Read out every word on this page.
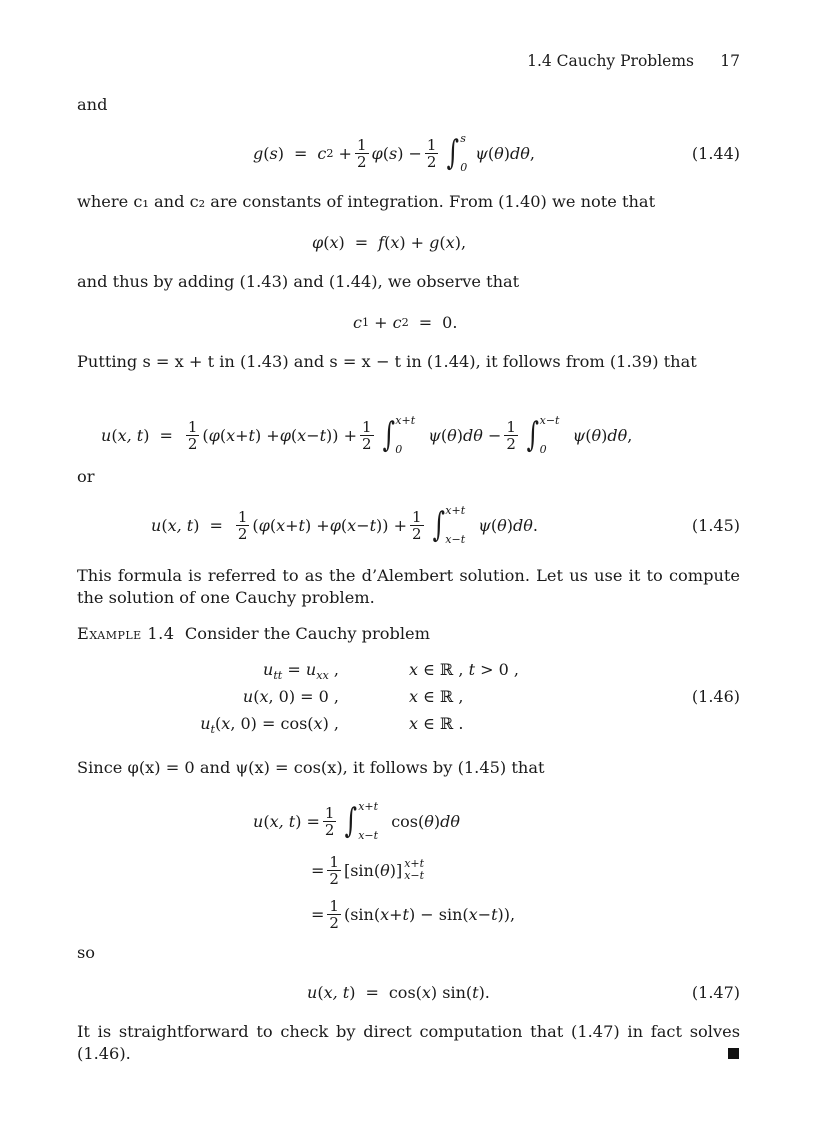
1.4 Cauchy Problems 17
and
g ( s ) = c $2 + \frac{1}{2}$ φ ( s ) − $\frac{1}{2}$ ∫ s
0

ψ ( θ ) dθ ,	(1.44)
where c₁ and c₂ are constants of integration. From (1.40) we note that
φ ( x ) = f ( x ) + g ( x ),
and thus by adding (1.43) and (1.44), we observe that
c 1 + c 2 = 0.
Putting s = x + t in (1.43) and s = x − t in (1.44), it follows from (1.39) that
u ( x, t ) = $\frac{1}{2}$ ( φ ( x + t ) + φ ( x − t )) + $\frac{1}{2}$ ∫ x+t
0

ψ ( θ ) $d\theta - \frac{1}{2}$ ∫ x−t
0

ψ ( θ ) dθ ,
or
u ( x, t ) = $\frac{1}{2}$ ( φ ( x + t ) + φ ( x − t )) + $\frac{1}{2}$ ∫ x+t
x−t

ψ ( θ ) dθ .	(1.45)
This formula is referred to as the d’Alembert solution. Let us use it to compute the solution of one Cauchy problem.
Example 1.4 Consider the Cauchy problem
$u_{tt} = u_{xx}$ ,	x ∈ ℝ , t > 0 ,
u(x, 0) = 0 ,	x ∈ ℝ ,
$u_t(x$, 0) = cos(x) ,	x ∈ ℝ .
(1.46)
Since φ(x) = 0 and ψ(x) = cos(x), it follows by (1.45) that
u ( x, t ) = $\frac{1}{2}$ ∫ x+t
x−t
cos( θ ) dθ
= $\frac{1}{2} [\sin$( θ )] x+t
x−t
= $\frac{1}{2} (\sin$( x + t ) − sin( x − t )),
so
u ( x, t ) = cos( x ) sin( t ).	(1.47)
It is straightforward to check by direct computation that (1.47) in fact solves (1.46).
